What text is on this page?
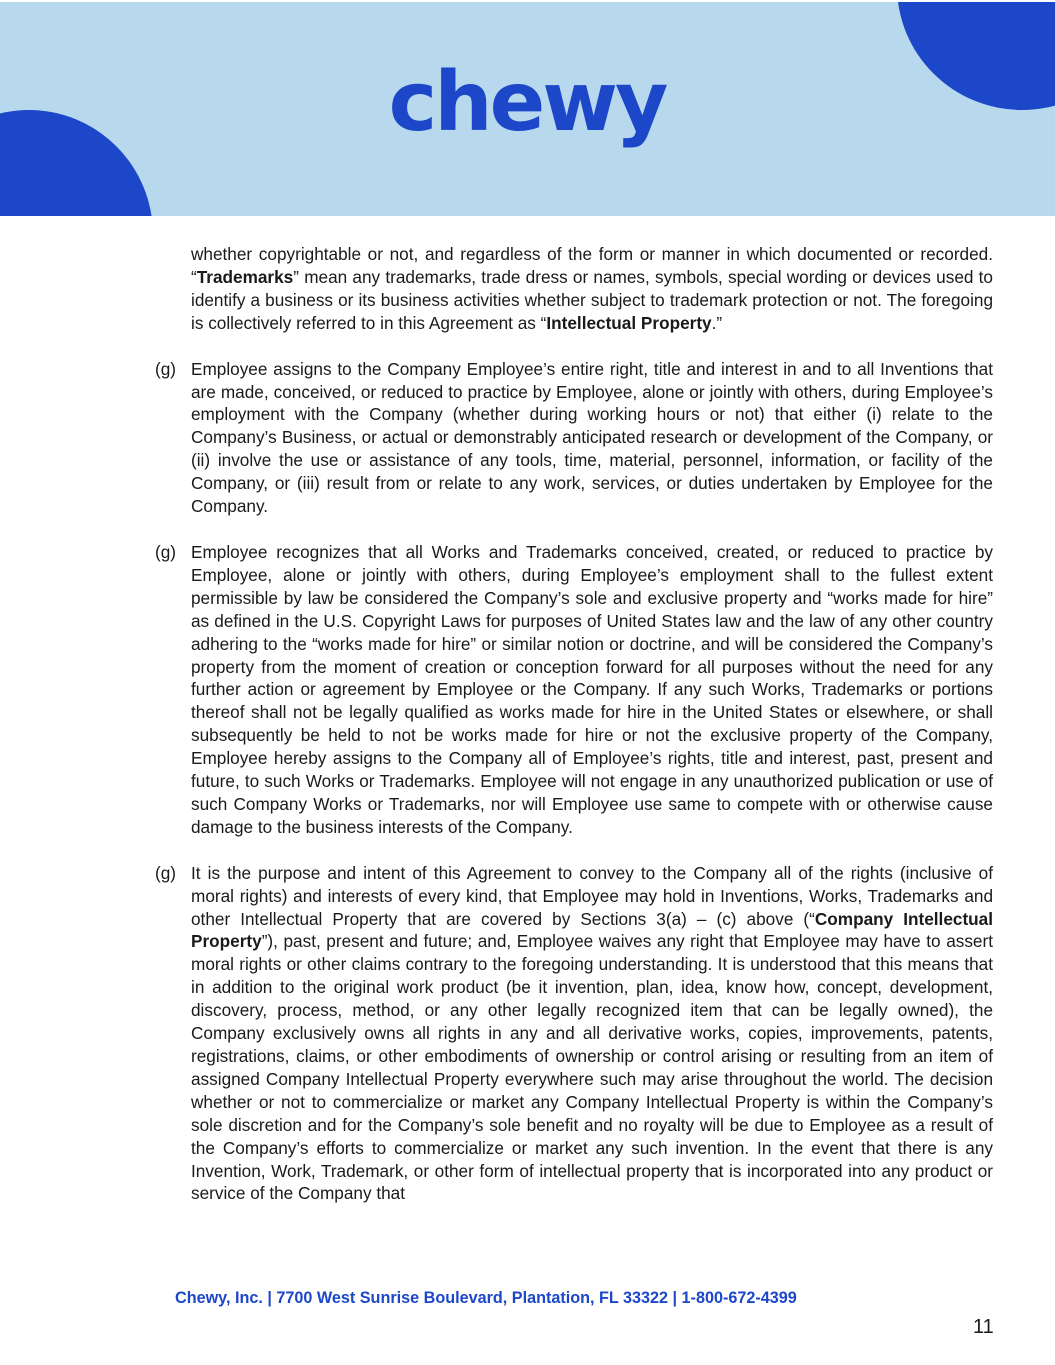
chewy

whether copyrightable or not, and regardless of the form or manner in which documented or recorded. “Trademarks” mean any trademarks, trade dress or names, symbols, special wording or devices used to identify a business or its business activities whether subject to trademark protection or not. The foregoing is collectively referred to in this Agreement as “Intellectual Property.”

(g) Employee assigns to the Company Employee’s entire right, title and interest in and to all Inventions that are made, conceived, or reduced to practice by Employee, alone or jointly with others, during Employee’s employment with the Company (whether during working hours or not) that either (i) relate to the Company’s Business, or actual or demonstrably anticipated research or development of the Company, or (ii) involve the use or assistance of any tools, time, material, personnel, information, or facility of the Company, or (iii) result from or relate to any work, services, or duties undertaken by Employee for the Company.

(g) Employee recognizes that all Works and Trademarks conceived, created, or reduced to practice by Employee, alone or jointly with others, during Employee’s employment shall to the fullest extent permissible by law be considered the Company’s sole and exclusive property and “works made for hire” as defined in the U.S. Copyright Laws for purposes of United States law and the law of any other country adhering to the “works made for hire” or similar notion or doctrine, and will be considered the Company’s property from the moment of creation or conception forward for all purposes without the need for any further action or agreement by Employee or the Company. If any such Works, Trademarks or portions thereof shall not be legally qualified as works made for hire in the United States or elsewhere, or shall subsequently be held to not be works made for hire or not the exclusive property of the Company, Employee hereby assigns to the Company all of Employee’s rights, title and interest, past, present and future, to such Works or Trademarks. Employee will not engage in any unauthorized publication or use of such Company Works or Trademarks, nor will Employee use same to compete with or otherwise cause damage to the business interests of the Company.

(g) It is the purpose and intent of this Agreement to convey to the Company all of the rights (inclusive of moral rights) and interests of every kind, that Employee may hold in Inventions, Works, Trademarks and other Intellectual Property that are covered by Sections 3(a) – (c) above (“Company Intellectual Property”), past, present and future; and, Employee waives any right that Employee may have to assert moral rights or other claims contrary to the foregoing understanding. It is understood that this means that in addition to the original work product (be it invention, plan, idea, know how, concept, development, discovery, process, method, or any other legally recognized item that can be legally owned), the Company exclusively owns all rights in any and all derivative works, copies, improvements, patents, registrations, claims, or other embodiments of ownership or control arising or resulting from an item of assigned Company Intellectual Property everywhere such may arise throughout the world. The decision whether or not to commercialize or market any Company Intellectual Property is within the Company’s sole discretion and for the Company’s sole benefit and no royalty will be due to Employee as a result of the Company’s efforts to commercialize or market any such invention. In the event that there is any Invention, Work, Trademark, or other form of intellectual property that is incorporated into any product or service of the Company that

Chewy, Inc. | 7700 West Sunrise Boulevard, Plantation, FL 33322 | 1-800-672-4399
11
